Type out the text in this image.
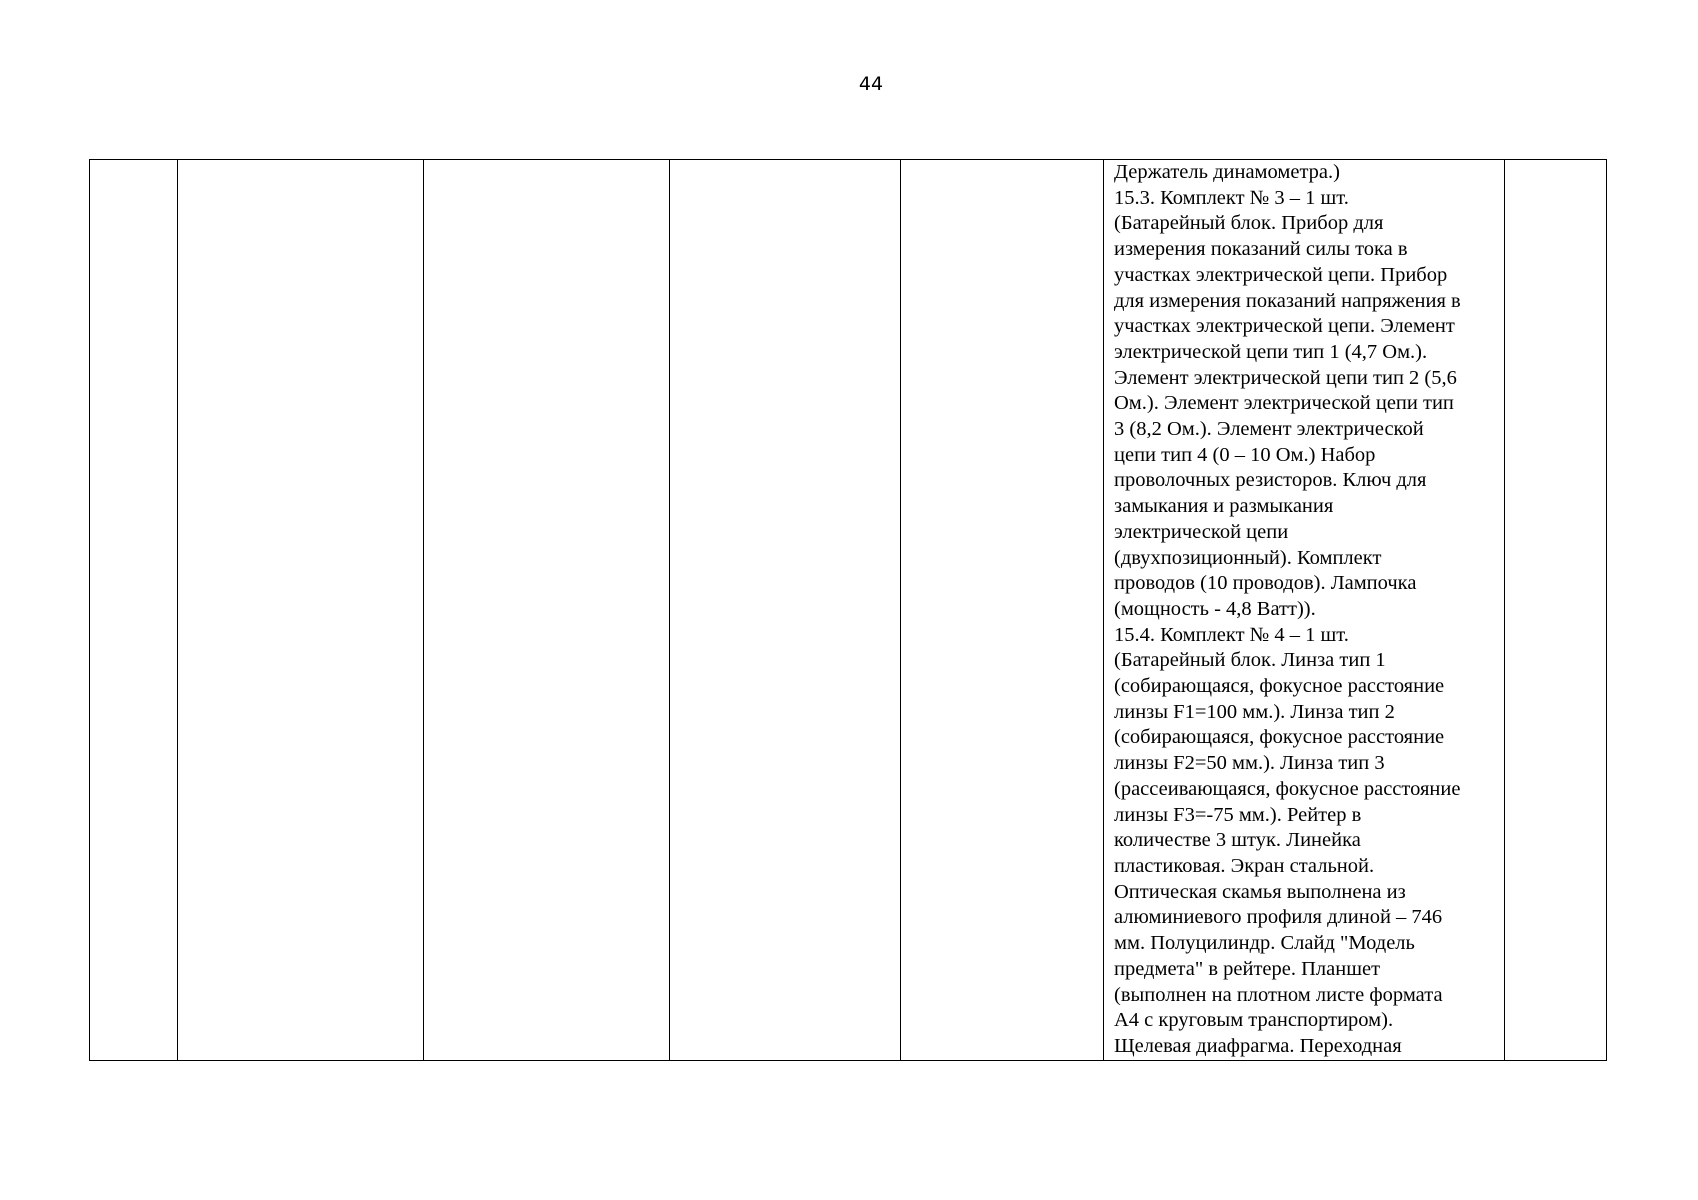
44

Держатель динамометра.)
15.3. Комплект № 3 – 1 шт.
(Батарейный блок. Прибор для
измерения показаний силы тока в
участках электрической цепи. Прибор
для измерения показаний напряжения в
участках электрической цепи. Элемент
электрической цепи тип 1 (4,7 Ом.).
Элемент электрической цепи тип 2 (5,6
Ом.). Элемент электрической цепи тип
3 (8,2 Ом.). Элемент электрической
цепи тип 4 (0 – 10 Ом.) Набор
проволочных резисторов. Ключ для
замыкания и размыкания
электрической цепи
(двухпозиционный). Комплект
проводов (10 проводов). Лампочка
(мощность - 4,8 Ватт)).
15.4. Комплект № 4 – 1 шт.
(Батарейный блок. Линза тип 1
(собирающаяся, фокусное расстояние
линзы F1=100 мм.). Линза тип 2
(собирающаяся, фокусное расстояние
линзы F2=50 мм.). Линза тип 3
(рассеивающаяся, фокусное расстояние
линзы F3=-75 мм.). Рейтер в
количестве 3 штук. Линейка
пластиковая. Экран стальной.
Оптическая скамья выполнена из
алюминиевого профиля длиной – 746
мм. Полуцилиндр. Слайд "Модель
предмета" в рейтере. Планшет
(выполнен на плотном листе формата
А4 с круговым транспортиром).
Щелевая диафрагма. Переходная
